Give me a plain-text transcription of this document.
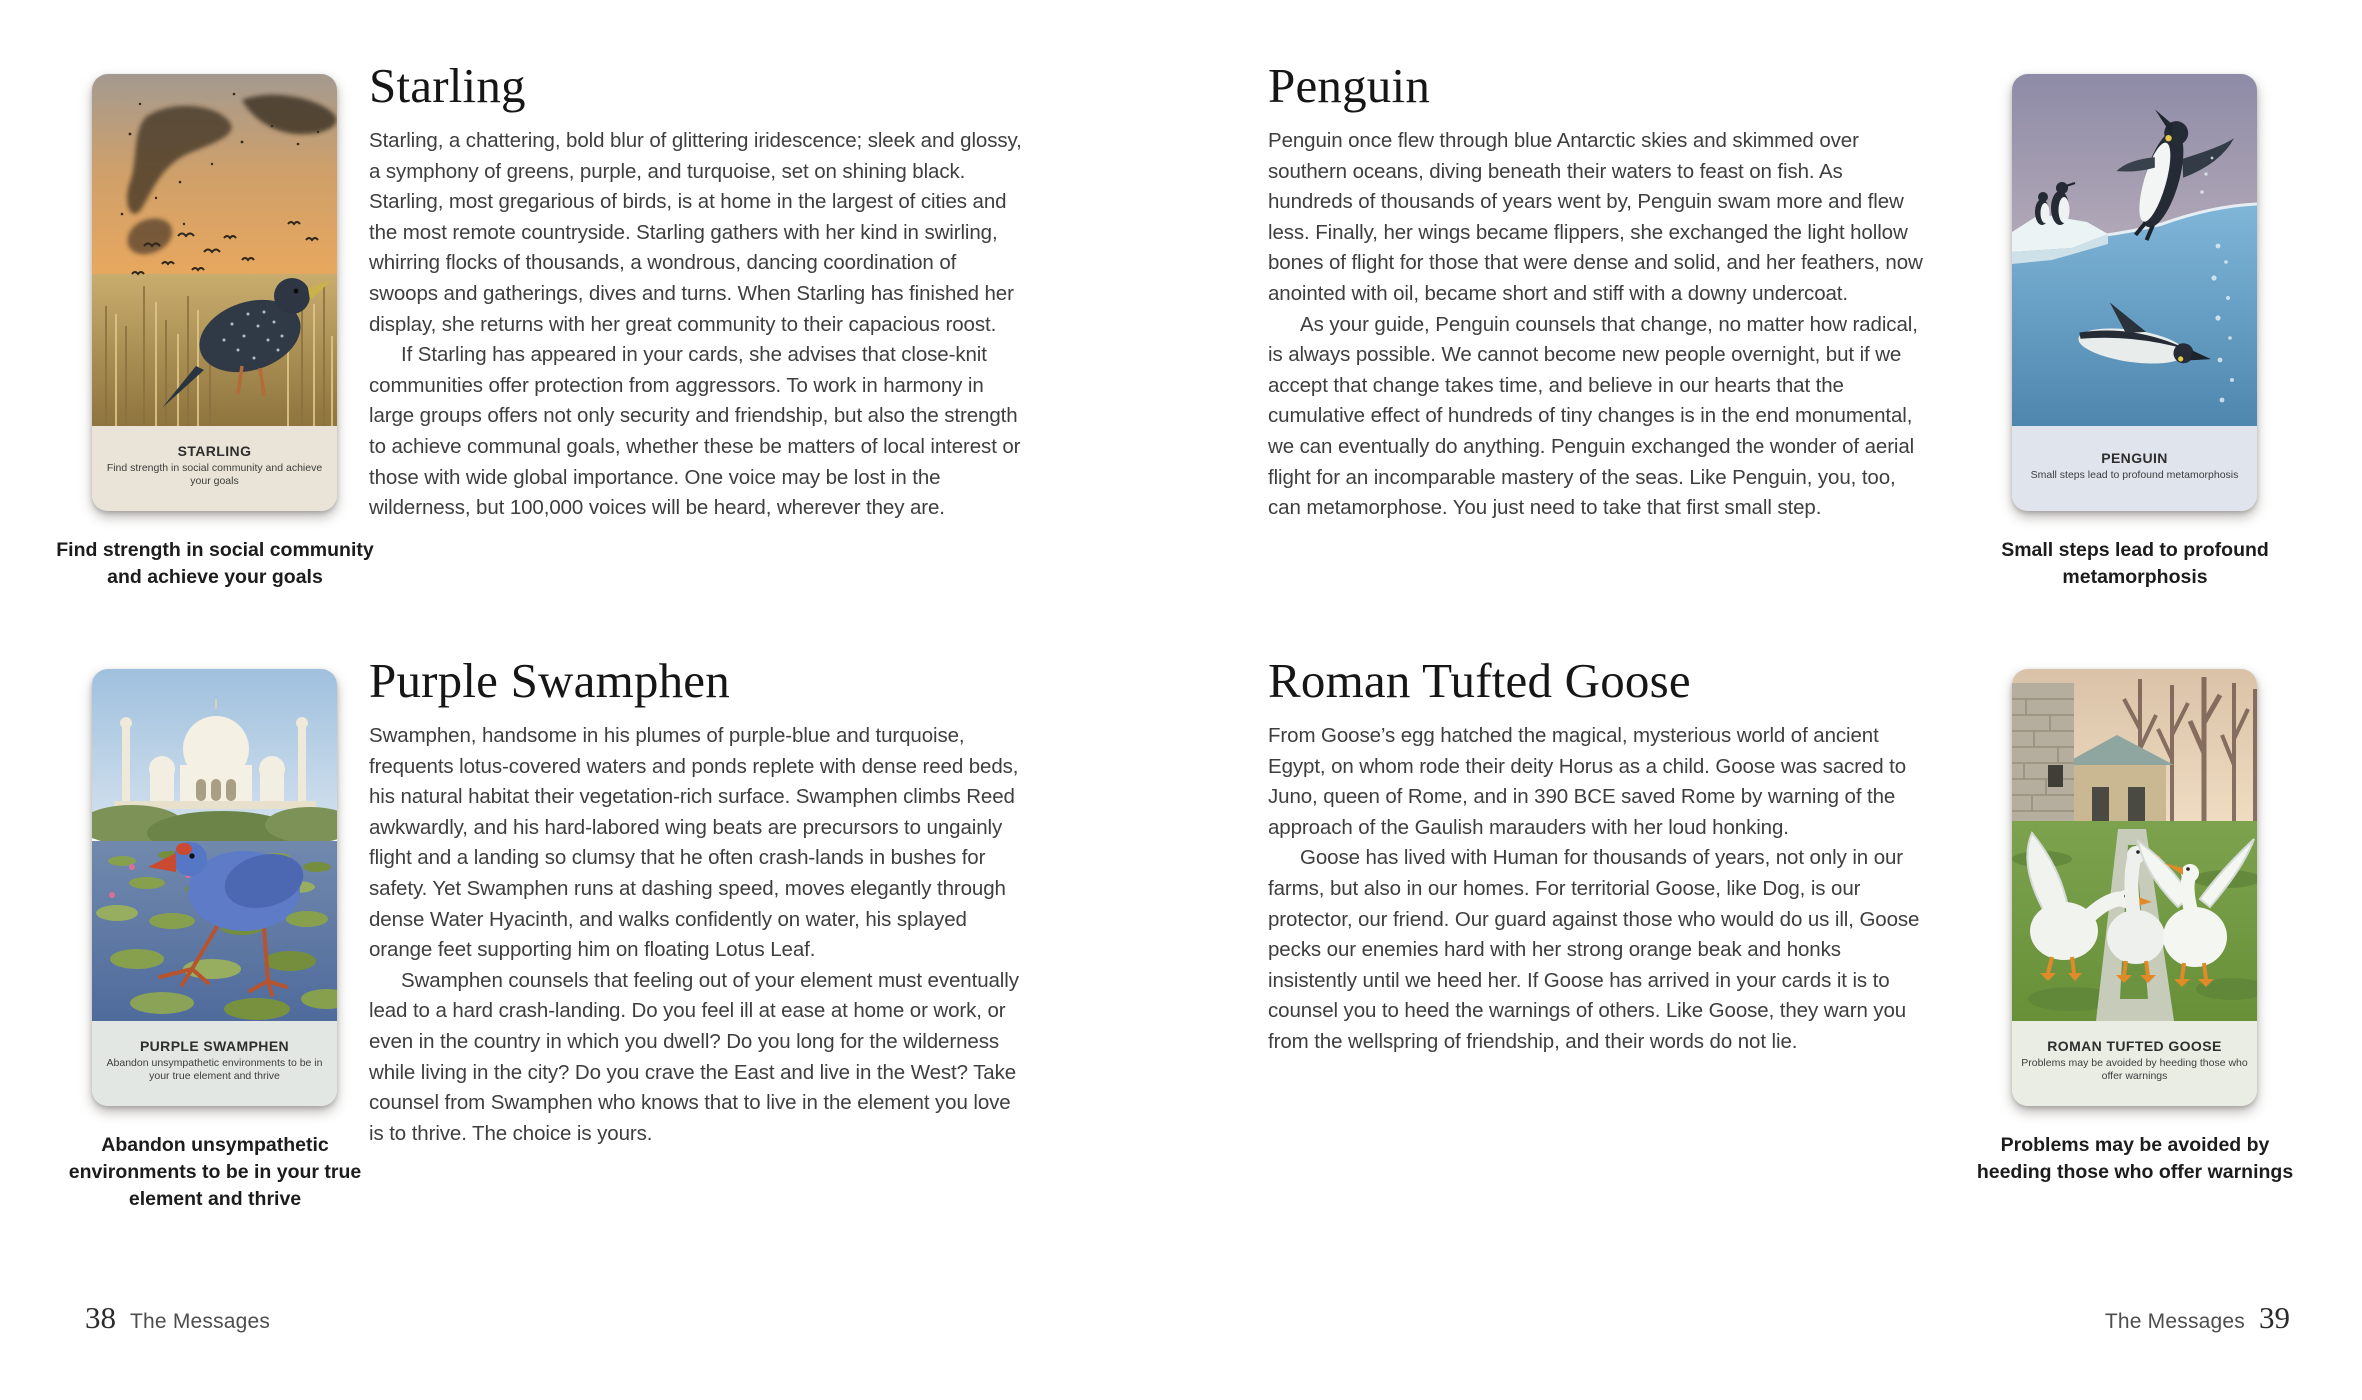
STARLING
Find strength in social community and achieve your goals
Find strength in social community and achieve your goals
Starling

Starling, a chattering, bold blur of glittering iridescence; sleek and glossy, a symphony of greens, purple, and turquoise, set on shining black. Starling, most gregarious of birds, is at home in the largest of cities and the most remote countryside. Starling gathers with her kind in swirling, whirring flocks of thousands, a wondrous, dancing coordination of swoops and gatherings, dives and turns. When Starling has finished her display, she returns with her great community to their capacious roost.

If Starling has appeared in your cards, she advises that close-knit communities offer protection from aggressors. To work in harmony in large groups offers not only security and friendship, but also the strength to achieve communal goals, whether these be matters of local interest or those with wide global importance. One voice may be lost in the wilderness, but 100,000 voices will be heard, wherever they are.

PURPLE SWAMPHEN
Abandon unsympathetic environments to be in your true element and thrive
Abandon unsympathetic environments to be in your true element and thrive
Purple Swamphen

Swamphen, handsome in his plumes of purple-blue and turquoise, frequents lotus-covered waters and ponds replete with dense reed beds, his natural habitat their vegetation-rich surface. Swamphen climbs Reed awkwardly, and his hard-labored wing beats are precursors to ungainly flight and a landing so clumsy that he often crash-lands in bushes for safety. Yet Swamphen runs at dashing speed, moves elegantly through dense Water Hyacinth, and walks confidently on water, his splayed orange feet supporting him on floating Lotus Leaf.

Swamphen counsels that feeling out of your element must eventually lead to a hard crash-landing. Do you feel ill at ease at home or work, or even in the country in which you dwell? Do you long for the wilderness while living in the city? Do you crave the East and live in the West? Take counsel from Swamphen who knows that to live in the element you love is to thrive. The choice is yours.

Penguin

Penguin once flew through blue Antarctic skies and skimmed over southern oceans, diving beneath their waters to feast on fish. As hundreds of thousands of years went by, Penguin swam more and flew less. Finally, her wings became flippers, she exchanged the light hollow bones of flight for those that were dense and solid, and her feathers, now anointed with oil, became short and stiff with a downy undercoat.

As your guide, Penguin counsels that change, no matter how radical, is always possible. We cannot become new people overnight, but if we accept that change takes time, and believe in our hearts that the cumulative effect of hundreds of tiny changes is in the end monumental, we can eventually do anything. Penguin exchanged the wonder of aerial flight for an incomparable mastery of the seas. Like Penguin, you, too, can metamorphose. You just need to take that first small step.

PENGUIN
Small steps lead to profound metamorphosis
Small steps lead to profound metamorphosis
Roman Tufted Goose

From Goose’s egg hatched the magical, mysterious world of ancient Egypt, on whom rode their deity Horus as a child. Goose was sacred to Juno, queen of Rome, and in 390 BCE saved Rome by warning of the approach of the Gaulish marauders with her loud honking.

Goose has lived with Human for thousands of years, not only in our farms, but also in our homes. For territorial Goose, like Dog, is our protector, our friend. Our guard against those who would do us ill, Goose pecks our enemies hard with her strong orange beak and honks insistently until we heed her. If Goose has arrived in your cards it is to counsel you to heed the warnings of others. Like Goose, they warn you from the wellspring of friendship, and their words do not lie.	ROMAN TUFTED GOOSE
Problems may be avoided by heeding those who offer warnings
Problems may be avoided by heeding those who offer warnings
38 The Messages	The Messages 39
